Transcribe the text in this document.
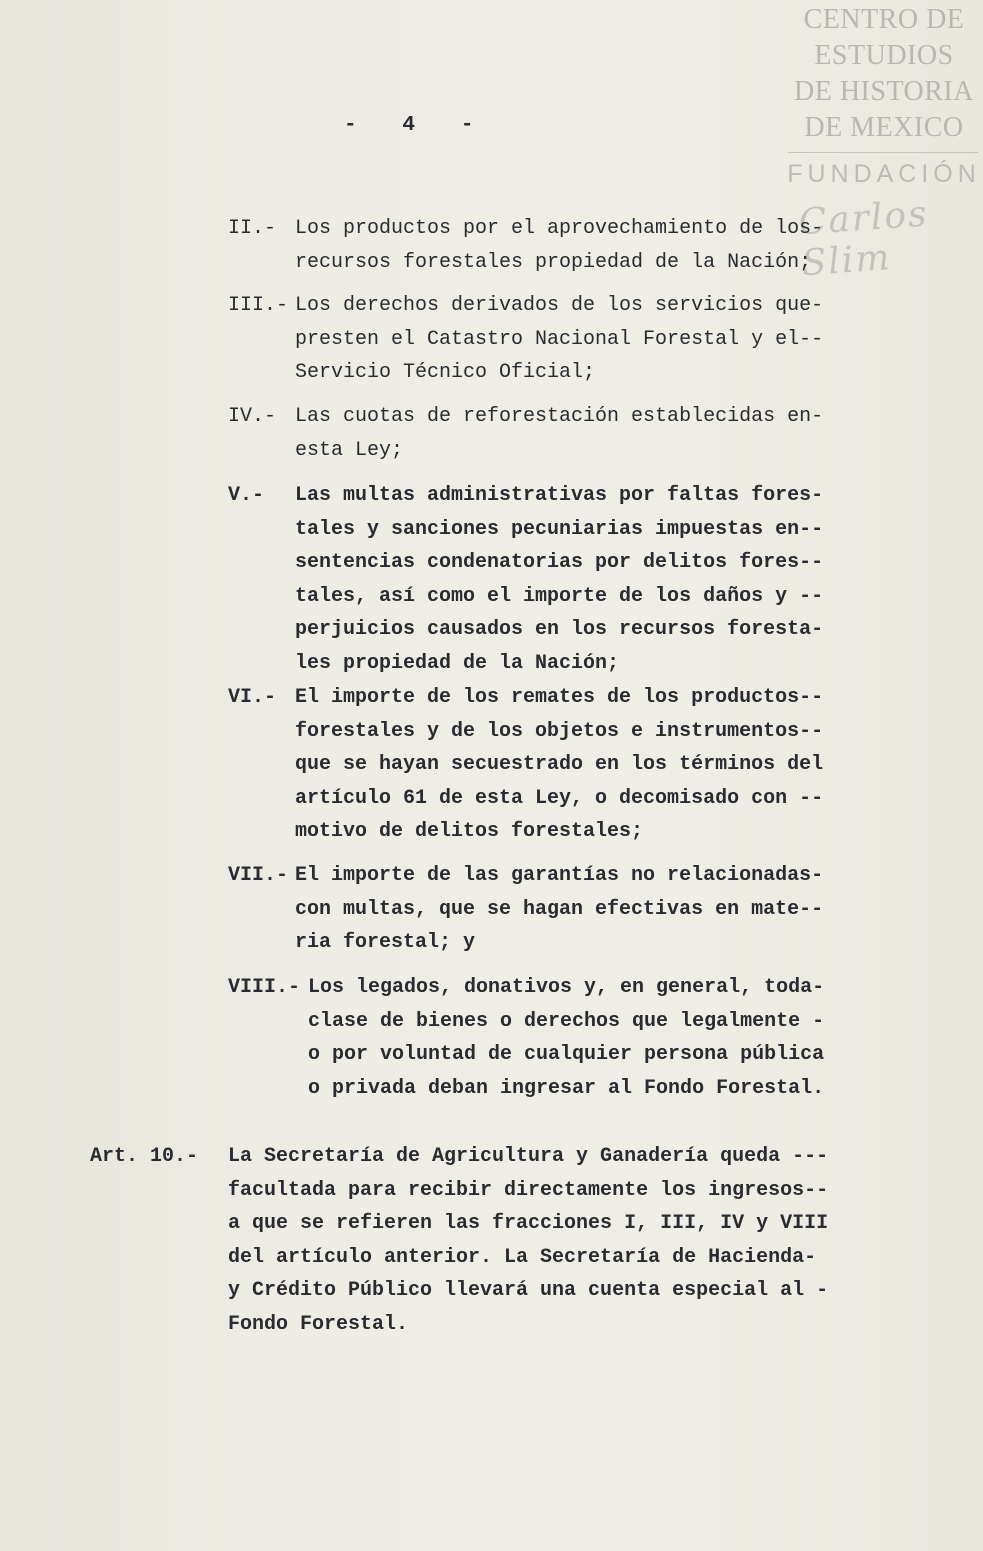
CENTRO DE
ESTUDIOS
DE HISTORIA
DE MEXICO
FUNDACIÓN
Carlos Slim
-   4   -
II.- Los productos por el aprovechamiento de los-
recursos forestales propiedad de la Nación;
III.- Los derechos derivados de los servicios que-
presten el Catastro Nacional Forestal y el--
Servicio Técnico Oficial;
IV.- Las cuotas de reforestación establecidas en-
esta Ley;
V.- Las multas administrativas por faltas fores-
tales y sanciones pecuniarias impuestas en--
sentencias condenatorias por delitos fores--
tales, así como el importe de los daños y --
perjuicios causados en los recursos foresta-
les propiedad de la Nación;
VI.- El importe de los remates de los productos--
forestales y de los objetos e instrumentos--
que se hayan secuestrado en los términos del
artículo 61 de esta Ley, o decomisado con --
motivo de delitos forestales;
VII.- El importe de las garantías no relacionadas-
con multas, que se hagan efectivas en mate--
ria forestal; y
VIII.- Los legados, donativos y, en general, toda-
clase de bienes o derechos que legalmente -
o por voluntad de cualquier persona pública
o privada deban ingresar al Fondo Forestal.
Art. 10.- La Secretaría de Agricultura y Ganadería queda ---
facultada para recibir directamente los ingresos--
a que se refieren las fracciones I, III, IV y VIII
del artículo anterior. La Secretaría de Hacienda-
y Crédito Público llevará una cuenta especial al -
Fondo Forestal.
